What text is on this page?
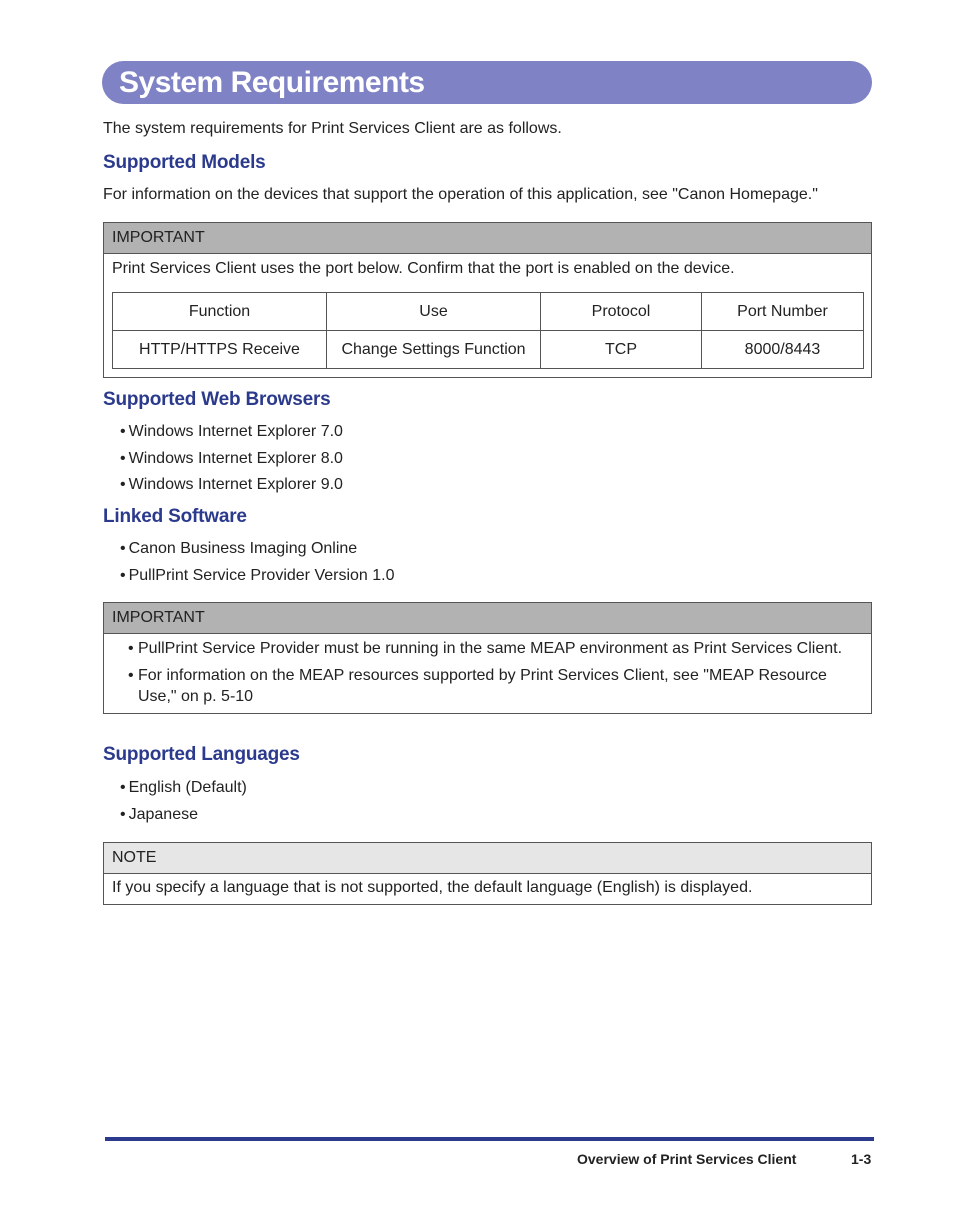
System Requirements

The system requirements for Print Services Client are as follows.

Supported Models

For information on the devices that support the operation of this application, see "Canon Homepage."

IMPORTANT
Print Services Client uses the port below. Confirm that the port is enabled on the device.
Function	Use	Protocol	Port Number
HTTP/HTTPS Receive	Change Settings Function	TCP	8000/8443
Supported Web Browsers
• Windows Internet Explorer 7.0
• Windows Internet Explorer 8.0
• Windows Internet Explorer 9.0
Linked Software
• Canon Business Imaging Online
• PullPrint Service Provider Version 1.0
IMPORTANT
• PullPrint Service Provider must be running in the same MEAP environment as Print Services Client.
• For information on the MEAP resources supported by Print Services Client, see "MEAP Resource Use," on p. 5-10
Supported Languages
• English (Default)
• Japanese
NOTE
If you specify a language that is not supported, the default language (English) is displayed.
Overview of Print Services Client	1-3
